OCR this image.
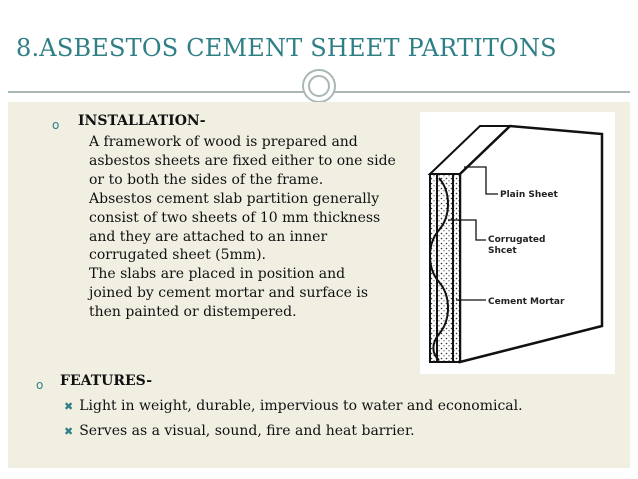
8.ASBESTOS CEMENT SHEET PARTITONS
o INSTALLATION-
A framework of wood is prepared and
asbestos sheets are fixed either to one side
or to both the sides of the frame.
Absestos cement slab partition generally
consist of two sheets of 10 mm thickness
and they are attached to an inner
corrugated sheet (5mm).
The slabs are placed in position and
joined by cement mortar and surface is
then painted or distempered.
o FEATURES-
✖ Light in weight, durable, impervious to water and economical.
✖ Serves as a visual, sound, fire and heat barrier.
Plain Sheet
Corrugated
Shcet
Cement Mortar
